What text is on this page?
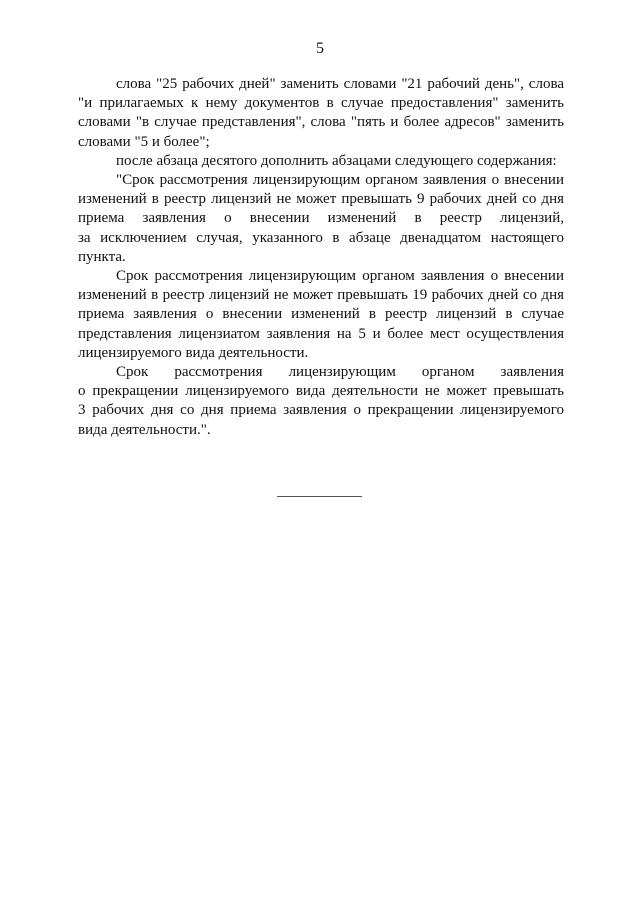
5
слова "25 рабочих дней" заменить словами "21 рабочий день", слова
"и прилагаемых к нему документов в случае предоставления" заменить
словами "в случае представления", слова "пять и более адресов" заменить
словами "5 и более";
после абзаца десятого дополнить абзацами следующего содержания:
"Срок рассмотрения лицензирующим органом заявления о внесении
изменений в реестр лицензий не может превышать 9 рабочих дней со дня
приема заявления о внесении изменений в реестр лицензий,
за исключением случая, указанного в абзаце двенадцатом настоящего
пункта.
Срок рассмотрения лицензирующим органом заявления о внесении
изменений в реестр лицензий не может превышать 19 рабочих дней со дня
приема заявления о внесении изменений в реестр лицензий в случае
представления лицензиатом заявления на 5 и более мест осуществления
лицензируемого вида деятельности.
Срок рассмотрения лицензирующим органом заявления
о прекращении лицензируемого вида деятельности не может превышать
3 рабочих дня со дня приема заявления о прекращении лицензируемого
вида деятельности.".
